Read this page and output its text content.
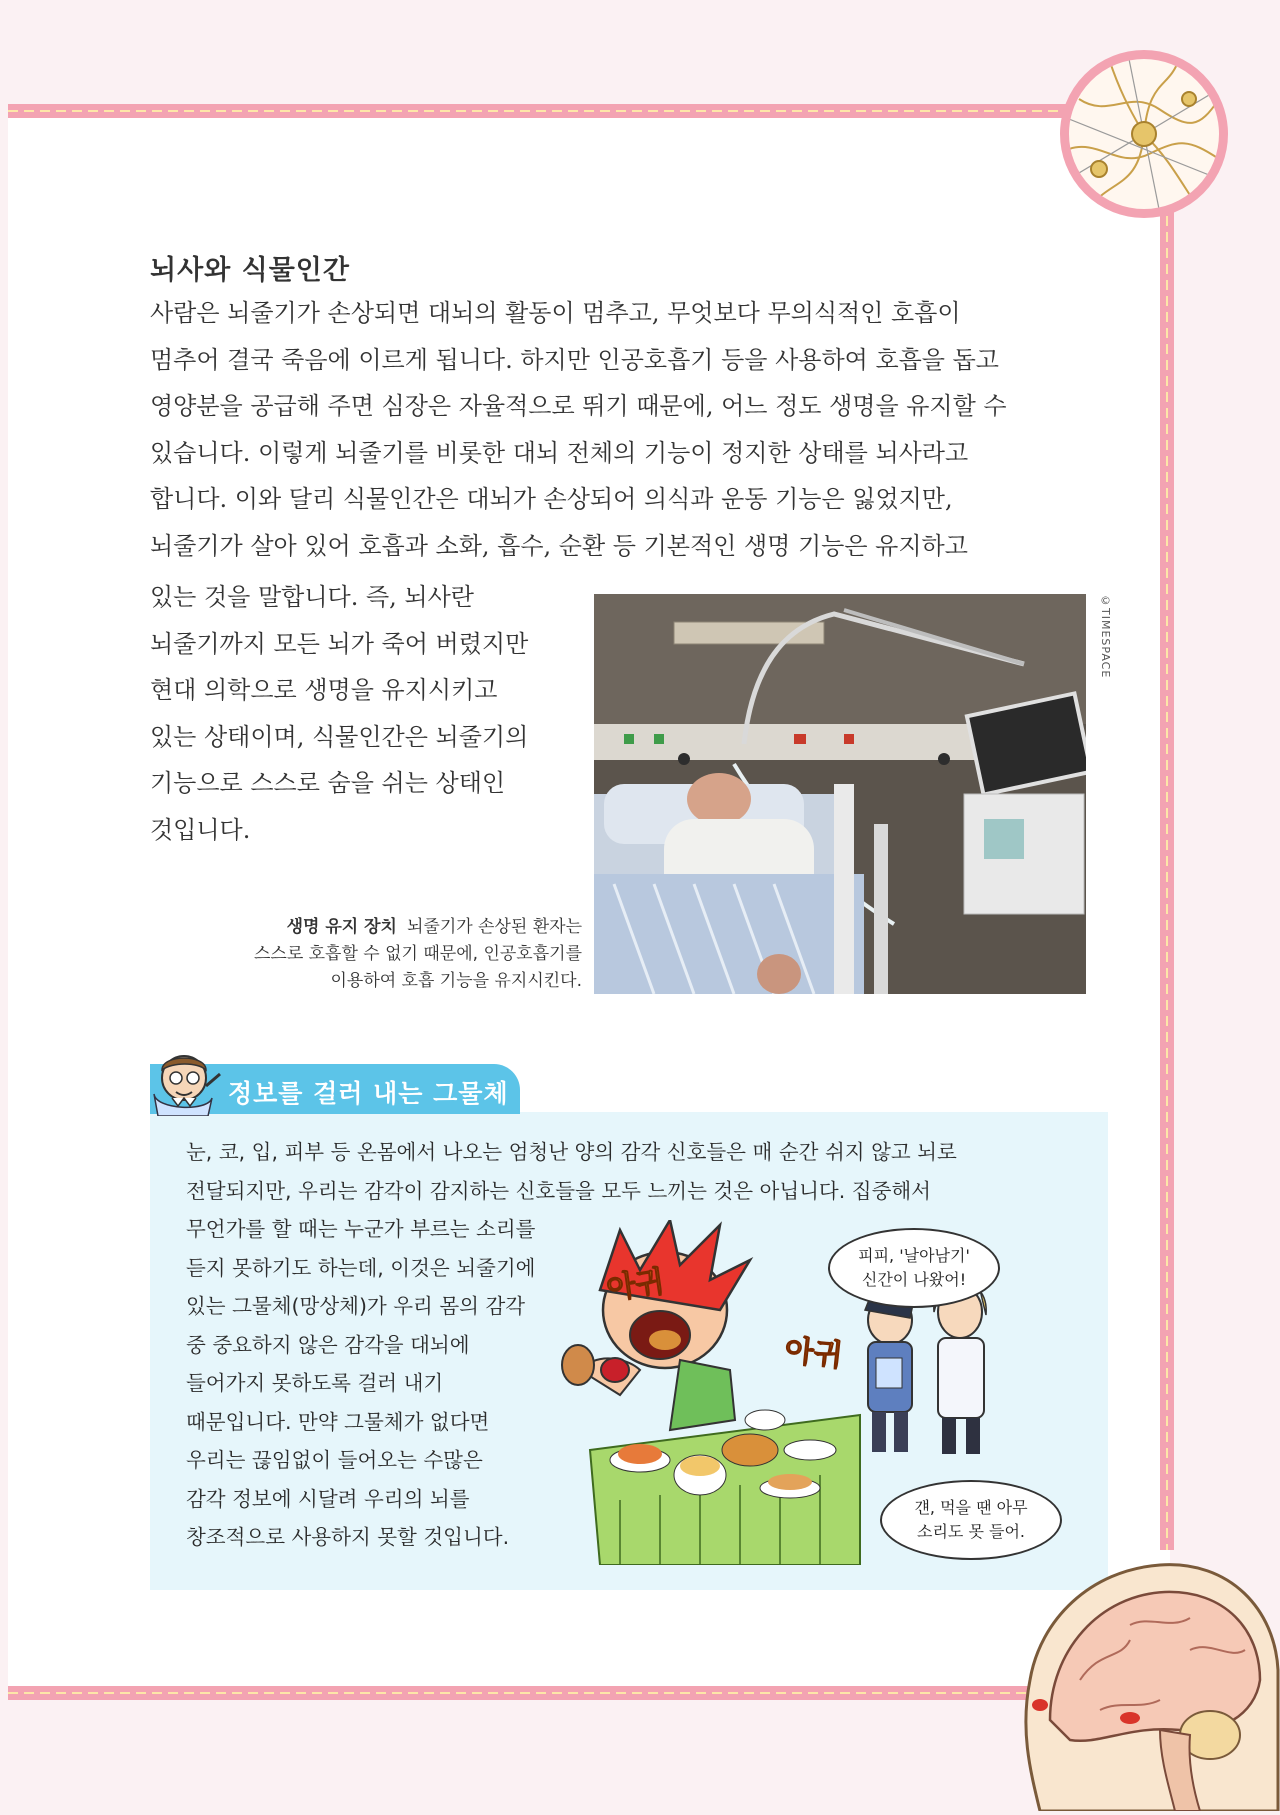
뇌사와 식물인간

사람은 뇌줄기가 손상되면 대뇌의 활동이 멈추고, 무엇보다 무의식적인 호흡이

멈추어 결국 죽음에 이르게 됩니다. 하지만 인공호흡기 등을 사용하여 호흡을 돕고

영양분을 공급해 주면 심장은 자율적으로 뛰기 때문에, 어느 정도 생명을 유지할 수

있습니다. 이렇게 뇌줄기를 비롯한 대뇌 전체의 기능이 정지한 상태를 뇌사라고

합니다. 이와 달리 식물인간은 대뇌가 손상되어 의식과 운동 기능은 잃었지만,

뇌줄기가 살아 있어 호흡과 소화, 흡수, 순환 등 기본적인 생명 기능은 유지하고

있는 것을 말합니다. 즉, 뇌사란

뇌줄기까지 모든 뇌가 죽어 버렸지만

현대 의학으로 생명을 유지시키고

있는 상태이며, 식물인간은 뇌줄기의

기능으로 스스로 숨을 쉬는 상태인

것입니다.

©TIMESPACE
생명 유지 장치 뇌줄기가 손상된 환자는
스스로 호흡할 수 없기 때문에, 인공호흡기를
이용하여 호흡 기능을 유지시킨다.
정보를 걸러 내는 그물체

눈, 코, 입, 피부 등 온몸에서 나오는 엄청난 양의 감각 신호들은 매 순간 쉬지 않고 뇌로

전달되지만, 우리는 감각이 감지하는 신호들을 모두 느끼는 것은 아닙니다. 집중해서

무언가를 할 때는 누군가 부르는 소리를

듣지 못하기도 하는데, 이것은 뇌줄기에

있는 그물체(망상체)가 우리 몸의 감각

중 중요하지 않은 감각을 대뇌에

들어가지 못하도록 걸러 내기

때문입니다. 만약 그물체가 없다면

우리는 끊임없이 들어오는 수많은

감각 정보에 시달려 우리의 뇌를

창조적으로 사용하지 못할 것입니다.

아귀
아귀
피피, '날아남기'
신간이 나왔어!
걘, 먹을 땐 아무
소리도 못 들어.
